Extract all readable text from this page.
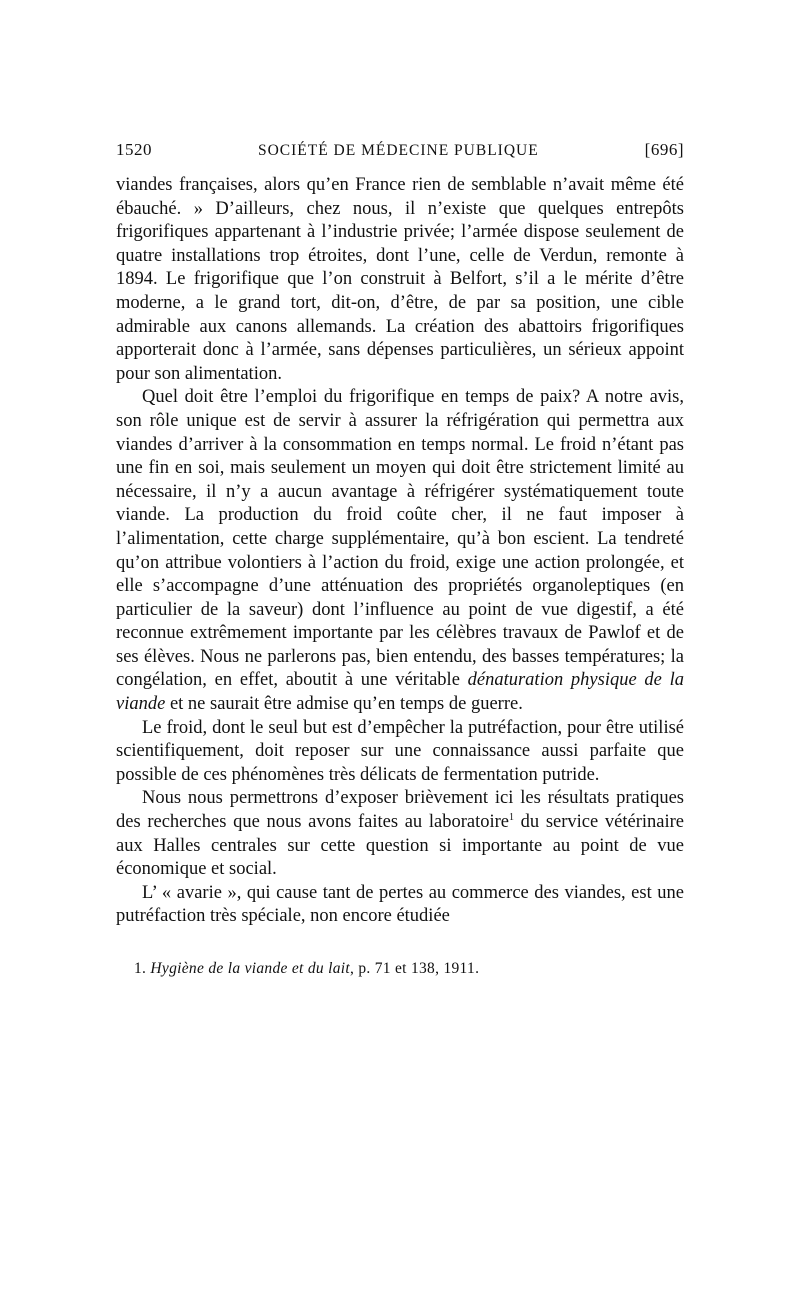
1520	SOCIÉTÉ DE MÉDECINE PUBLIQUE	[696]

viandes françaises, alors qu’en France rien de semblable n’avait même été ébauché. » D’ailleurs, chez nous, il n’existe que quelques entrepôts frigorifiques appartenant à l’industrie privée; l’armée dispose seulement de quatre installations trop étroites, dont l’une, celle de Verdun, remonte à 1894. Le frigorifique que l’on construit à Belfort, s’il a le mérite d’être moderne, a le grand tort, dit-on, d’être, de par sa position, une cible admirable aux canons allemands. La création des abattoirs frigorifiques apporterait donc à l’armée, sans dépenses particulières, un sérieux appoint pour son alimentation.

Quel doit être l’emploi du frigorifique en temps de paix? A notre avis, son rôle unique est de servir à assurer la réfrigération qui permettra aux viandes d’arriver à la consommation en temps normal. Le froid n’étant pas une fin en soi, mais seulement un moyen qui doit être strictement limité au nécessaire, il n’y a aucun avantage à réfrigérer systématiquement toute viande. La production du froid coûte cher, il ne faut imposer à l’alimentation, cette charge supplémentaire, qu’à bon escient. La tendreté qu’on attribue volontiers à l’action du froid, exige une action prolongée, et elle s’accompagne d’une atténuation des propriétés organoleptiques (en particulier de la saveur) dont l’influence au point de vue digestif, a été reconnue extrêmement importante par les célèbres travaux de Pawlof et de ses élèves. Nous ne parlerons pas, bien entendu, des basses températures; la congélation, en effet, aboutit à une véritable dénaturation physique de la viande et ne saurait être admise qu’en temps de guerre.

Le froid, dont le seul but est d’empêcher la putréfaction, pour être utilisé scientifiquement, doit reposer sur une connaissance aussi parfaite que possible de ces phénomènes très délicats de fermentation putride.

Nous nous permettrons d’exposer brièvement ici les résultats pratiques des recherches que nous avons faites au laboratoire$^1$ du service vétérinaire aux Halles centrales sur cette question si importante au point de vue économique et social.

L’ « avarie », qui cause tant de pertes au commerce des viandes, est une putréfaction très spéciale, non encore étudiée

1. Hygiène de la viande et du lait, p. 71 et 138, 1911.
